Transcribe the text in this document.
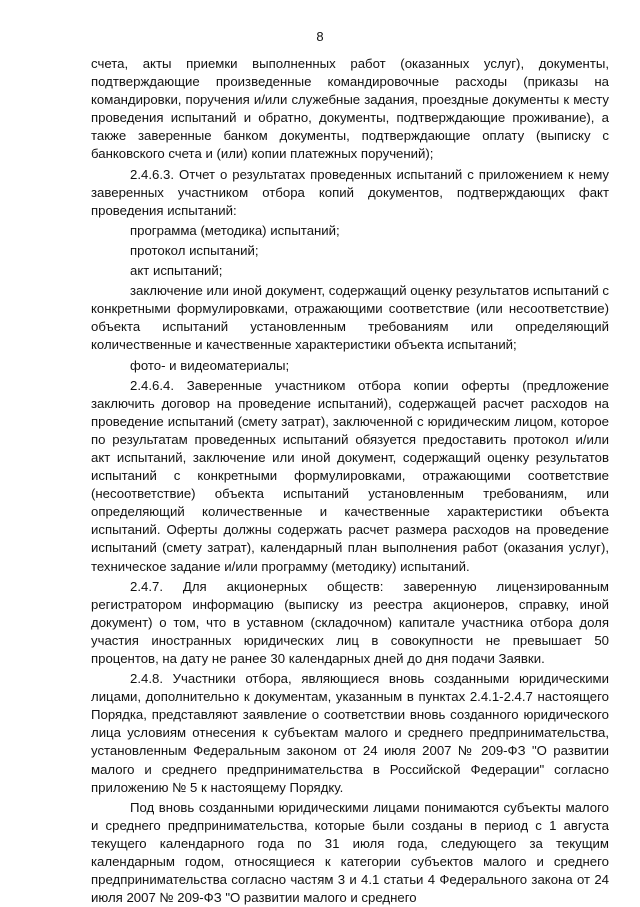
8

счета, акты приемки выполненных работ (оказанных услуг), документы, подтверждающие произведенные командировочные расходы (приказы на командировки, поручения и/или служебные задания, проездные документы к месту проведения испытаний и обратно, документы, подтверждающие проживание), а также заверенные банком документы, подтверждающие оплату (выписку с банковского счета и (или) копии платежных поручений);

2.4.6.3. Отчет о результатах проведенных испытаний с приложением к нему заверенных участником отбора копий документов, подтверждающих факт проведения испытаний:

программа (методика) испытаний;

протокол испытаний;

акт испытаний;

заключение или иной документ, содержащий оценку результатов испытаний с конкретными формулировками, отражающими соответствие (или несоответствие) объекта испытаний установленным требованиям или определяющий количественные и качественные характеристики объекта испытаний;

фото- и видеоматериалы;

2.4.6.4. Заверенные участником отбора копии оферты (предложение заключить договор на проведение испытаний), содержащей расчет расходов на проведение испытаний (смету затрат), заключенной с юридическим лицом, которое по результатам проведенных испытаний обязуется предоставить протокол и/или акт испытаний, заключение или иной документ, содержащий оценку результатов испытаний с конкретными формулировками, отражающими соответствие (несоответствие) объекта испытаний установленным требованиям, или определяющий количественные и качественные характеристики объекта испытаний. Оферты должны содержать расчет размера расходов на проведение испытаний (смету затрат), календарный план выполнения работ (оказания услуг), техническое задание и/или программу (методику) испытаний.

2.4.7. Для акционерных обществ: заверенную лицензированным регистратором информацию (выписку из реестра акционеров, справку, иной документ) о том, что в уставном (складочном) капитале участника отбора доля участия иностранных юридических лиц в совокупности не превышает 50 процентов, на дату не ранее 30 календарных дней до дня подачи Заявки.

2.4.8. Участники отбора, являющиеся вновь созданными юридическими лицами, дополнительно к документам, указанным в пунктах 2.4.1-2.4.7 настоящего Порядка, представляют заявление о соответствии вновь созданного юридического лица условиям отнесения к субъектам малого и среднего предпринимательства, установленным Федеральным законом от 24 июля 2007 № 209-ФЗ "О развитии малого и среднего предпринимательства в Российской Федерации" согласно приложению № 5 к настоящему Порядку.

Под вновь созданными юридическими лицами понимаются субъекты малого и среднего предпринимательства, которые были созданы в период с 1 августа текущего календарного года по 31 июля года, следующего за текущим календарным годом, относящиеся к категории субъектов малого и среднего предпринимательства согласно частям 3 и 4.1 статьи 4 Федерального закона от 24 июля 2007 № 209-ФЗ "О развитии малого и среднего
